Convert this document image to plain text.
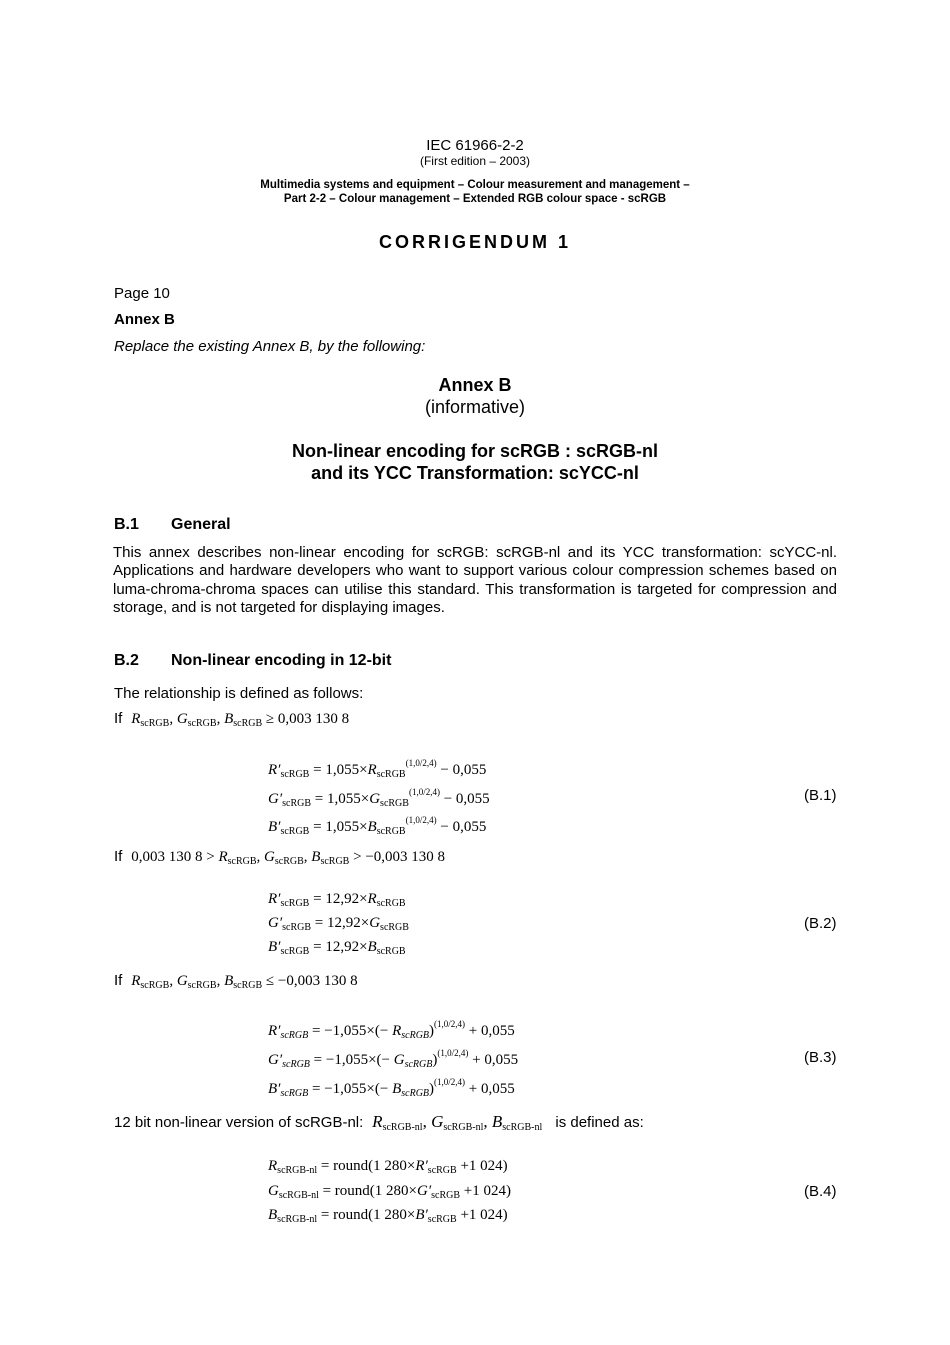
IEC 61966-2-2
(First edition – 2003)
Multimedia systems and equipment – Colour measurement and management –
Part 2-2 – Colour management – Extended RGB colour space - scRGB
CORRIGENDUM 1
Page 10
Annex B
Replace the existing Annex B, by the following:
Annex B
(informative)
Non-linear encoding for scRGB : scRGB-nl
and its YCC Transformation: scYCC-nl
B.1 General
This annex describes non-linear encoding for scRGB: scRGB-nl and its YCC transformation: scYCC-nl. Applications and hardware developers who want to support various colour compression schemes based on luma-chroma-chroma spaces can utilise this standard. This transformation is targeted for compression and storage, and is not targeted for displaying images.
B.2 Non-linear encoding in 12-bit
The relationship is defined as follows:
If $R_{scRGB}$, $G_{scRGB}$, $B_{scRGB} \ge 0,003$ 130 8
$R'_{scRGB} = 1,055\times R_{scRGB}^{(1,0/2,4)} - 0,055$
$G'_{scRGB} = 1,055\times G_{scRGB}^{(1,0/2,4)} - 0,055$
$B'_{scRGB} = 1,055\times B_{scRGB}^{(1,0/2,4)} - 0,055$
(B.1)
If 0,003 130 $8 > R_{scRGB}$, $G_{scRGB}$, $B_{scRGB} > -0,003$ 130 8
$R'_{scRGB} = 12,92\times R_{scRGB}$
$G'_{scRGB} = 12,92\times G_{scRGB}$
$B'_{scRGB} = 12,92\times B_{scRGB}$
(B.2)
If $R_{scRGB}$, $G_{scRGB}$, $B_{scRGB} \le -0,003$ 130 8
$R'_{scRGB} = -1,055\times(- R_{scRGB})^{(1,0/2,4)} + 0,055$
$G'_{scRGB} = -1,055\times(- G_{scRGB})^{(1,0/2,4)} + 0,055$
$B'_{scRGB} = -1,055\times(- B_{scRGB})^{(1,0/2,4)} + 0,055$
(B.3)
12 bit non-linear version of scRGB-nl: $R_{scRGB-nl}$, $G_{scRGB-nl}$, $B_{scRGB-nl}$ is defined as:
$R_{scRGB-nl}$ = round(1 $280\times R'_{scRGB} +1$ 024)
$G_{scRGB-nl}$ = round(1 $280\times G'_{scRGB} +1$ 024)
$B_{scRGB-nl}$ = round(1 $280\times B'_{scRGB} +1$ 024)
(B.4)
